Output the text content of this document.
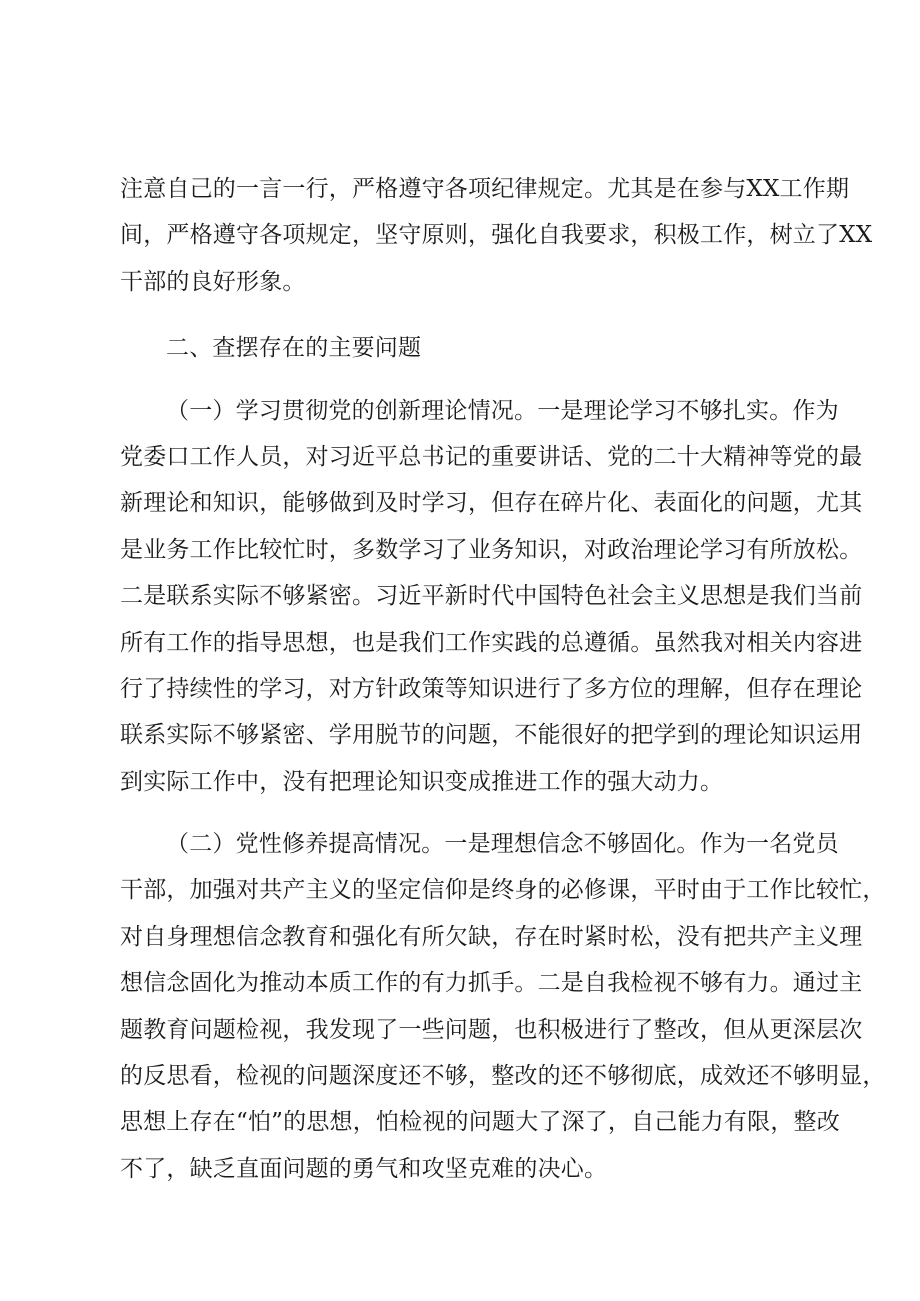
注意自己的一言一行，严格遵守各项纪律规定。尤其是在参与XX工作期
间，严格遵守各项规定，坚守原则，强化自我要求，积极工作，树立了XX
干部的良好形象。
二、查摆存在的主要问题
（一）学习贯彻党的创新理论情况。一是理论学习不够扎实。作为
党委口工作人员，对习近平总书记的重要讲话、党的二十大精神等党的最
新理论和知识，能够做到及时学习，但存在碎片化、表面化的问题，尤其
是业务工作比较忙时，多数学习了业务知识，对政治理论学习有所放松。
二是联系实际不够紧密。习近平新时代中国特色社会主义思想是我们当前
所有工作的指导思想，也是我们工作实践的总遵循。虽然我对相关内容进
行了持续性的学习，对方针政策等知识进行了多方位的理解，但存在理论
联系实际不够紧密、学用脱节的问题，不能很好的把学到的理论知识运用
到实际工作中，没有把理论知识变成推进工作的强大动力。
（二）党性修养提高情况。一是理想信念不够固化。作为一名党员
干部，加强对共产主义的坚定信仰是终身的必修课，平时由于工作比较忙，
对自身理想信念教育和强化有所欠缺，存在时紧时松，没有把共产主义理
想信念固化为推动本质工作的有力抓手。二是自我检视不够有力。通过主
题教育问题检视，我发现了一些问题，也积极进行了整改，但从更深层次
的反思看，检视的问题深度还不够，整改的还不够彻底，成效还不够明显，
思想上存在“怕”的思想，怕检视的问题大了深了，自己能力有限，整改
不了，缺乏直面问题的勇气和攻坚克难的决心。
